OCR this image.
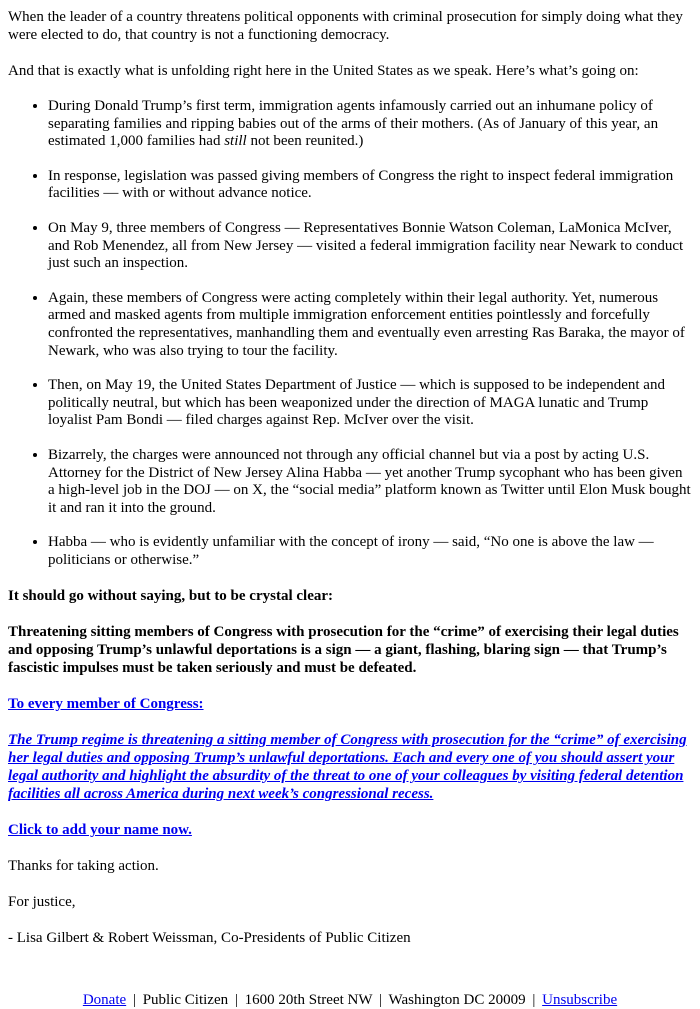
When the leader of a country threatens political opponents with criminal prosecution for simply doing what they were elected to do, that country is not a functioning democracy.

And that is exactly what is unfolding right here in the United States as we speak. Here’s what’s going on:

• During Donald Trump’s first term, immigration agents infamously carried out an inhumane policy of separating families and ripping babies out of the arms of their mothers. (As of January of this year, an estimated 1,000 families had still not been reunited.)
• In response, legislation was passed giving members of Congress the right to inspect federal immigration facilities — with or without advance notice.
• On May 9, three members of Congress — Representatives Bonnie Watson Coleman, LaMonica McIver, and Rob Menendez, all from New Jersey — visited a federal immigration facility near Newark to conduct just such an inspection.
• Again, these members of Congress were acting completely within their legal authority. Yet, numerous armed and masked agents from multiple immigration enforcement entities pointlessly and forcefully confronted the representatives, manhandling them and eventually even arresting Ras Baraka, the mayor of Newark, who was also trying to tour the facility.
• Then, on May 19, the United States Department of Justice — which is supposed to be independent and politically neutral, but which has been weaponized under the direction of MAGA lunatic and Trump loyalist Pam Bondi — filed charges against Rep. McIver over the visit.
• Bizarrely, the charges were announced not through any official channel but via a post by acting U.S. Attorney for the District of New Jersey Alina Habba — yet another Trump sycophant who has been given a high-level job in the DOJ — on X, the “social media” platform known as Twitter until Elon Musk bought it and ran it into the ground.
• Habba — who is evidently unfamiliar with the concept of irony — said, “No one is above the law — politicians or otherwise.”

It should go without saying, but to be crystal clear:

Threatening sitting members of Congress with prosecution for the “crime” of exercising their legal duties and opposing Trump’s unlawful deportations is a sign — a giant, flashing, blaring sign — that Trump’s fascistic impulses must be taken seriously and must be defeated.

To every member of Congress:

The Trump regime is threatening a sitting member of Congress with prosecution for the “crime” of exercising her legal duties and opposing Trump’s unlawful deportations. Each and every one of you should assert your legal authority and highlight the absurdity of the threat to one of your colleagues by visiting federal detention facilities all across America during next week’s congressional recess.

Click to add your name now.

Thanks for taking action.

For justice,

- Lisa Gilbert & Robert Weissman, Co-Presidents of Public Citizen

Donate | Public Citizen | 1600 20th Street NW | Washington DC 20009 | Unsubscribe
